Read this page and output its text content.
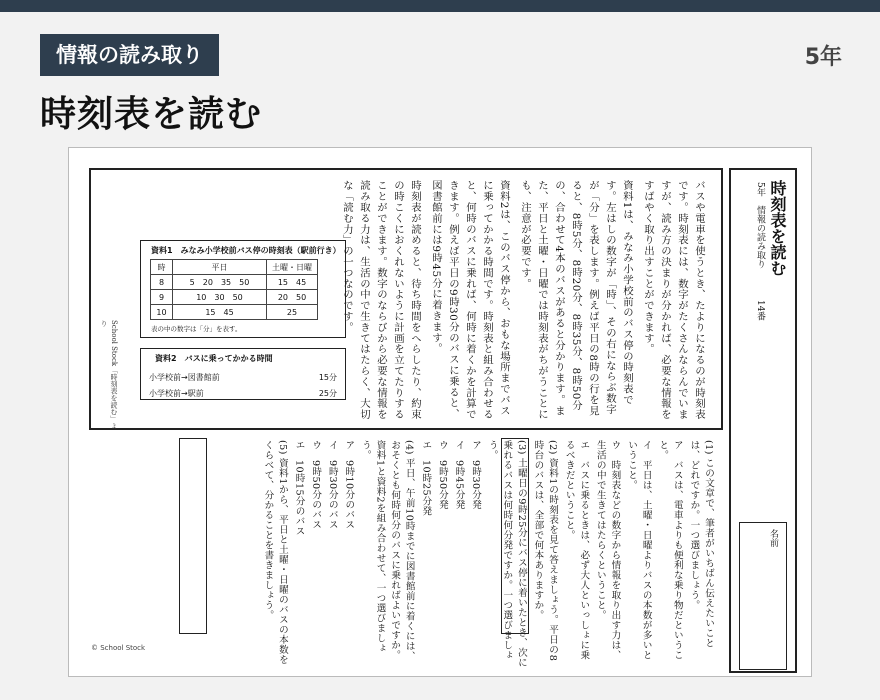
情報の読み取り	5年
時刻表を読む
時刻表を読む
5年　情報の読み取り
14番
名前

バスや電車を使うとき、たよりになるのが時刻表です。時刻表には、数字がたくさんならんでいますが、読み方の決まりが分かれば、必要な情報をすばやく取り出すことができます。

資料1は、みなみ小学校前のバス停の時刻表です。左はしの数字が「時」、その右にならぶ数字が「分」を表します。例えば平日の8時の行を見ると、8時5分、8時20分、8時35分、8時50分の、合わせて4本のバスがあると分かります。また、平日と土曜・日曜では時刻表がちがうことにも、注意が必要です。

資料2は、このバス停から、おもな場所までバスに乗ってかかる時間です。時刻表と組み合わせると、何時のバスに乗れば、何時に着くかを計算できます。例えば平日の9時30分のバスに乗ると、図書館前には9時45分に着きます。

時刻表が読めると、待ち時間をへらしたり、約束の時こくにおくれないように計画を立てたりすることができます。数字のならびから必要な情報を読み取る力は、生活の中で生きてはたらく、大切な「読む力」の一つなのです。

School Stock「時刻表を読む」より
資料1　みなみ小学校前バス停の時刻表（駅前行き）
時	平日	土曜・日曜
8	5　20　35　50	15　45
9	10　30　50	20　50
10	15　45	25
表の中の数字は「分」を表す。
資料2　バスに乗ってかかる時間
小学校前→図書館前	15分
小学校前→駅前	25分

(1) この文章で、筆者がいちばん伝えたいことは、どれですか。一つ選びましょう。

ア　バスは、電車よりも便利な乗り物だということ。

イ　平日は、土曜・日曜よりバスの本数が多いということ。

ウ　時刻表などの数字から情報を取り出す力は、生活の中で生きてはたらくということ。

エ　バスに乗るときは、必ず大人といっしょに乗るべきだということ。

(2) 資料1の時刻表を見て答えましょう。平日の8時台のバスは、全部で何本ありますか。

(3) 土曜日の9時25分にバス停に着いたとき、次に乗れるバスは何時何分発ですか。一つ選びましょう。

ア　9時30分発

イ　9時45分発

ウ　9時50分発

エ　10時25分発

(4) 平日、午前10時までに図書館前に着くには、おそくとも何時何分のバスに乗ればよいですか。資料1と資料2を組み合わせて、一つ選びましょう。

ア　9時10分のバス

イ　9時30分のバス

ウ　9時50分のバス

エ　10時15分のバス

(5) 資料1から、平日と土曜・日曜のバスの本数をくらべて、分かることを書きましょう。

© School Stock
